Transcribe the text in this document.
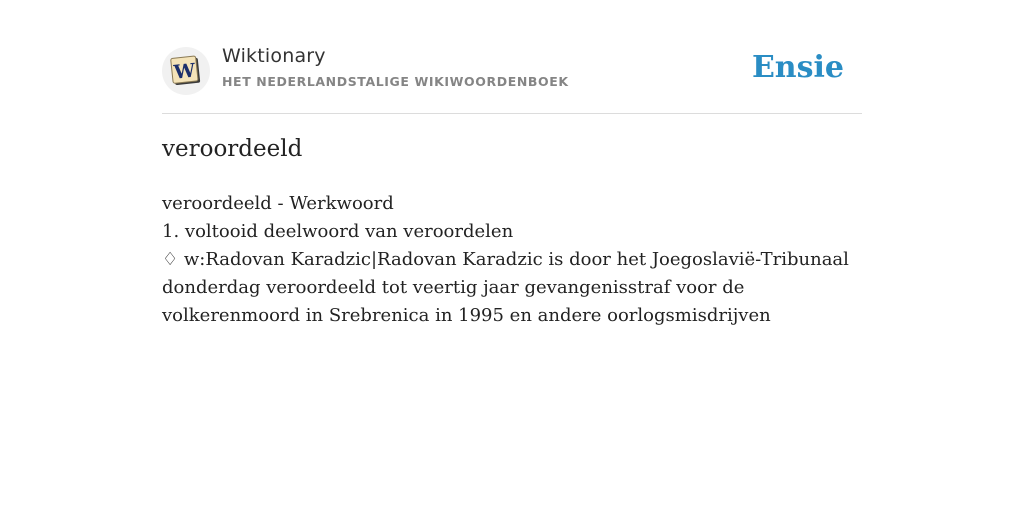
W
Wiktionary
HET NEDERLANDSTALIGE WIKIWOORDENBOEK	Ensie
veroordeeld
veroordeeld - Werkwoord
1. voltooid deelwoord van veroordelen
♢ w:Radovan Karadzic|Radovan Karadzic is door het Joegoslavië-Tribunaal donderdag veroordeeld tot veertig jaar gevangenisstraf voor de volkerenmoord in Srebrenica in 1995 en andere oorlogsmisdrijven
